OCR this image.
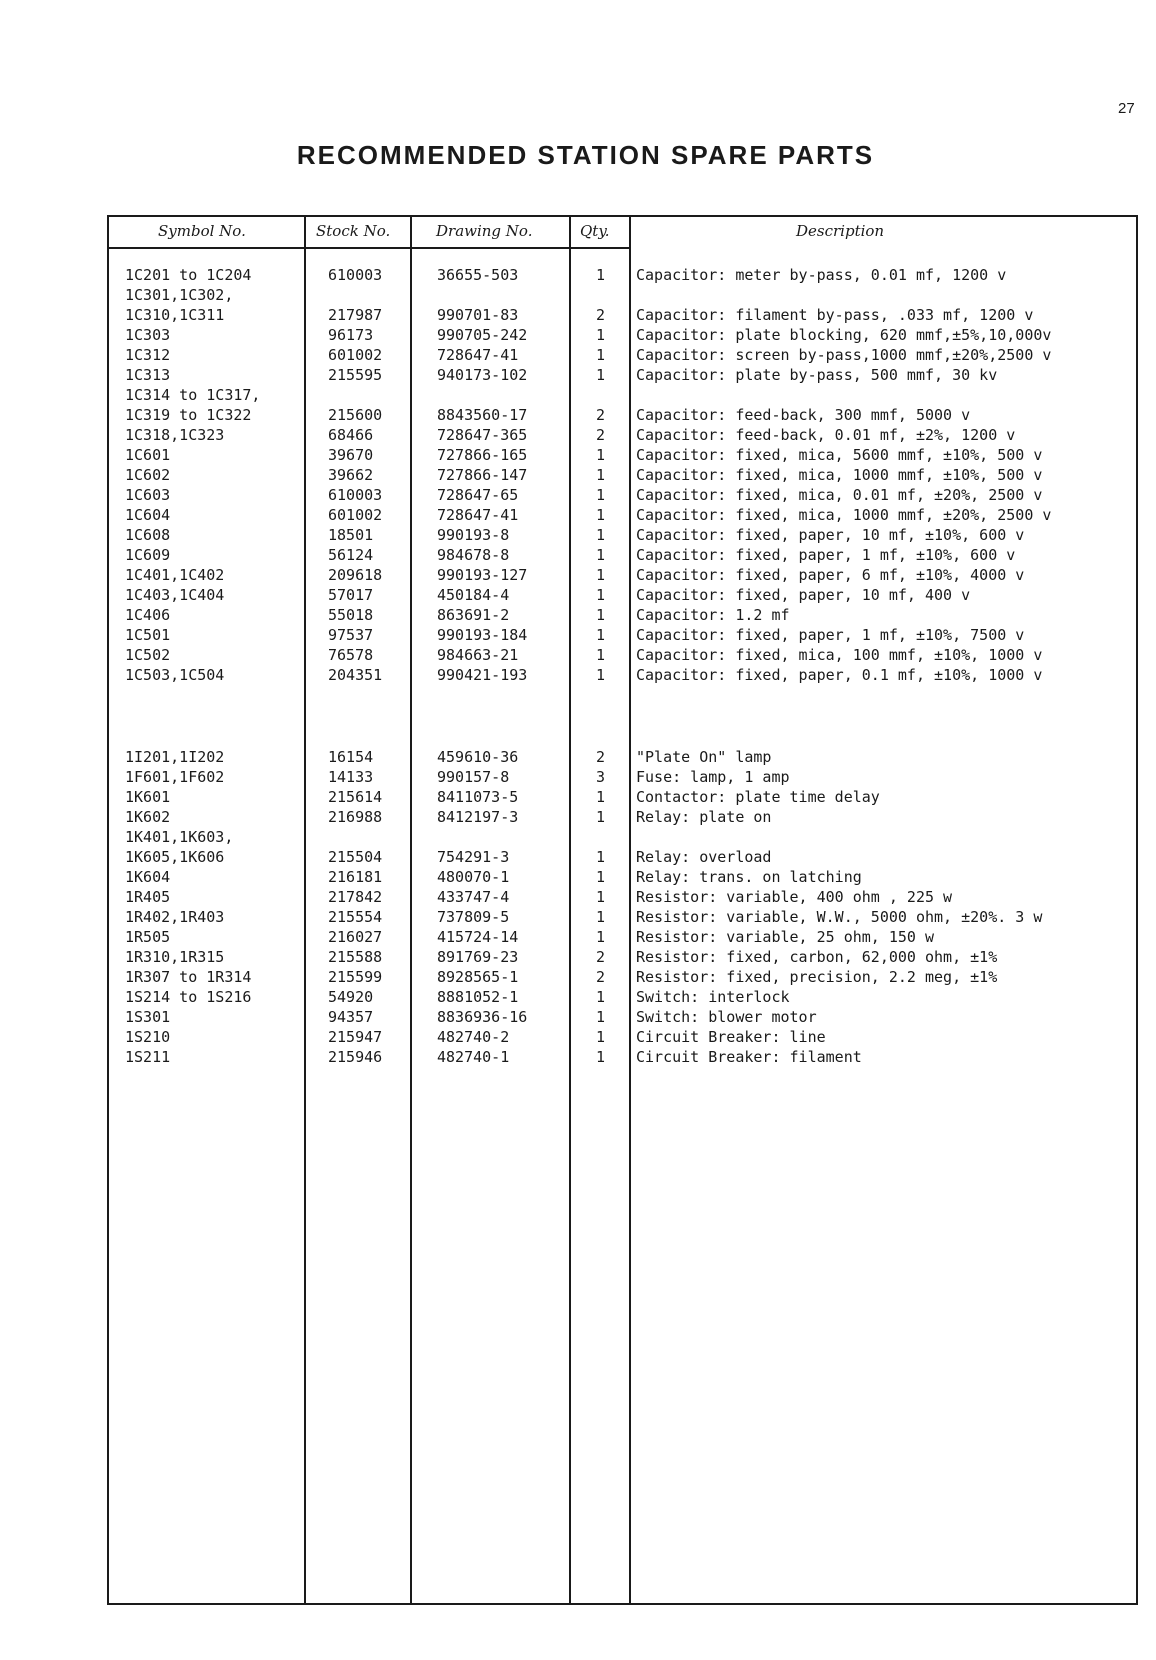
27
RECOMMENDED STATION SPARE PARTS
Symbol No.	Stock No.	Drawing No.	Qty.	Description
1C201 to 1C204	610003	36655-503	1 Capacitor: meter by-pass, 0.01 mf, 1200 v
1C301,1C302,
1C310,1C311	217987	990701-83	2 Capacitor: filament by-pass, .033 mf, 1200 v
1C303	96173	990705-242	1 Capacitor: plate blocking, 620 mmf,±5%,10,000v
1C312	601002	728647-41	1 Capacitor: screen by-pass,1000 mmf,±20%,2500 v
1C313	215595	940173-102	1 Capacitor: plate by-pass, 500 mmf, 30 kv
1C314 to 1C317,
1C319 to 1C322	215600	8843560-17	2 Capacitor: feed-back, 300 mmf, 5000 v
1C318,1C323	68466	728647-365	2 Capacitor: feed-back, 0.01 mf, ±2%, 1200 v
1C601	39670	727866-165	1 Capacitor: fixed, mica, 5600 mmf, ±10%, 500 v
1C602	39662	727866-147	1 Capacitor: fixed, mica, 1000 mmf, ±10%, 500 v
1C603	610003	728647-65	1 Capacitor: fixed, mica, 0.01 mf, ±20%, 2500 v
1C604	601002	728647-41	1 Capacitor: fixed, mica, 1000 mmf, ±20%, 2500 v
1C608	18501	990193-8	1 Capacitor: fixed, paper, 10 mf, ±10%, 600 v
1C609	56124	984678-8	1 Capacitor: fixed, paper, 1 mf, ±10%, 600 v
1C401,1C402	209618	990193-127	1 Capacitor: fixed, paper, 6 mf, ±10%, 4000 v
1C403,1C404	57017	450184-4	1 Capacitor: fixed, paper, 10 mf, 400 v
1C406	55018	863691-2	1 Capacitor: 1.2 mf
1C501	97537	990193-184	1 Capacitor: fixed, paper, 1 mf, ±10%, 7500 v
1C502	76578	984663-21	1 Capacitor: fixed, mica, 100 mmf, ±10%, 1000 v
1C503,1C504	204351	990421-193	1 Capacitor: fixed, paper, 0.1 mf, ±10%, 1000 v
1I201,1I202	16154	459610-36	2 "Plate On" lamp
1F601,1F602	14133	990157-8	3 Fuse: lamp, 1 amp
1K601	215614	8411073-5	1 Contactor: plate time delay
1K602	216988	8412197-3	1 Relay: plate on
1K401,1K603,
1K605,1K606	215504	754291-3	1 Relay: overload
1K604	216181	480070-1	1 Relay: trans. on latching
1R405	217842	433747-4	1 Resistor: variable, 400 ohm , 225 w
1R402,1R403	215554	737809-5	1 Resistor: variable, W.W., 5000 ohm, ±20%. 3 w
1R505	216027	415724-14	1 Resistor: variable, 25 ohm, 150 w
1R310,1R315	215588	891769-23	2 Resistor: fixed, carbon, 62,000 ohm, ±1%
1R307 to 1R314	215599	8928565-1	2 Resistor: fixed, precision, 2.2 meg, ±1%
1S214 to 1S216	54920	8881052-1	1 Switch: interlock
1S301	94357	8836936-16	1 Switch: blower motor
1S210	215947	482740-2	1 Circuit Breaker: line
1S211	215946	482740-1	1 Circuit Breaker: filament
